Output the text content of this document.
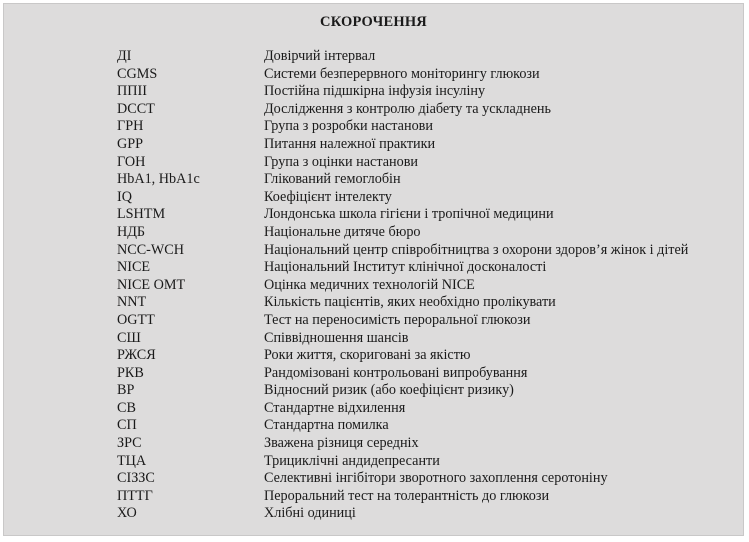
СКОРОЧЕННЯ
ДІ	Довірчий інтервал
CGMS	Системи безперервного моніторингу глюкози
ППІІ	Постійна підшкірна інфузія інсуліну
DCCT	Дослідження з контролю діабету та ускладнень
ГРН	Група з розробки настанови
GPP	Питання належної практики
ГОН	Група з оцінки настанови
HbA1, HbA1c	Глікований гемоглобін
IQ	Коефіцієнт інтелекту
LSHTM	Лондонська школа гігієни і тропічної медицини
НДБ	Національне дитяче бюро
NCC-WCH	Національний центр співробітництва з охорони здоров’я жінок і дітей
NICE	Національний Інститут клінічної досконалості
NICE ОМТ	Оцінка медичних технологій NICE
NNT	Кількість пацієнтів, яких необхідно пролікувати
OGTT	Тест на переносимість пероральної глюкози
СШ	Співвідношення шансів
РЖСЯ	Роки життя, скориговані за якістю
РКВ	Рандомізовані контрольовані випробування
ВР	Відносний ризик (або коефіцієнт ризику)
СВ	Стандартне відхилення
СП	Стандартна помилка
ЗРС	Зважена різниця середніх
ТЦА	Трициклічні андидепресанти
СІЗЗС	Селективні інгібітори зворотного захоплення серотоніну
ПТТГ	Пероральний тест на толерантність до глюкози
ХО	Хлібні одиниці
